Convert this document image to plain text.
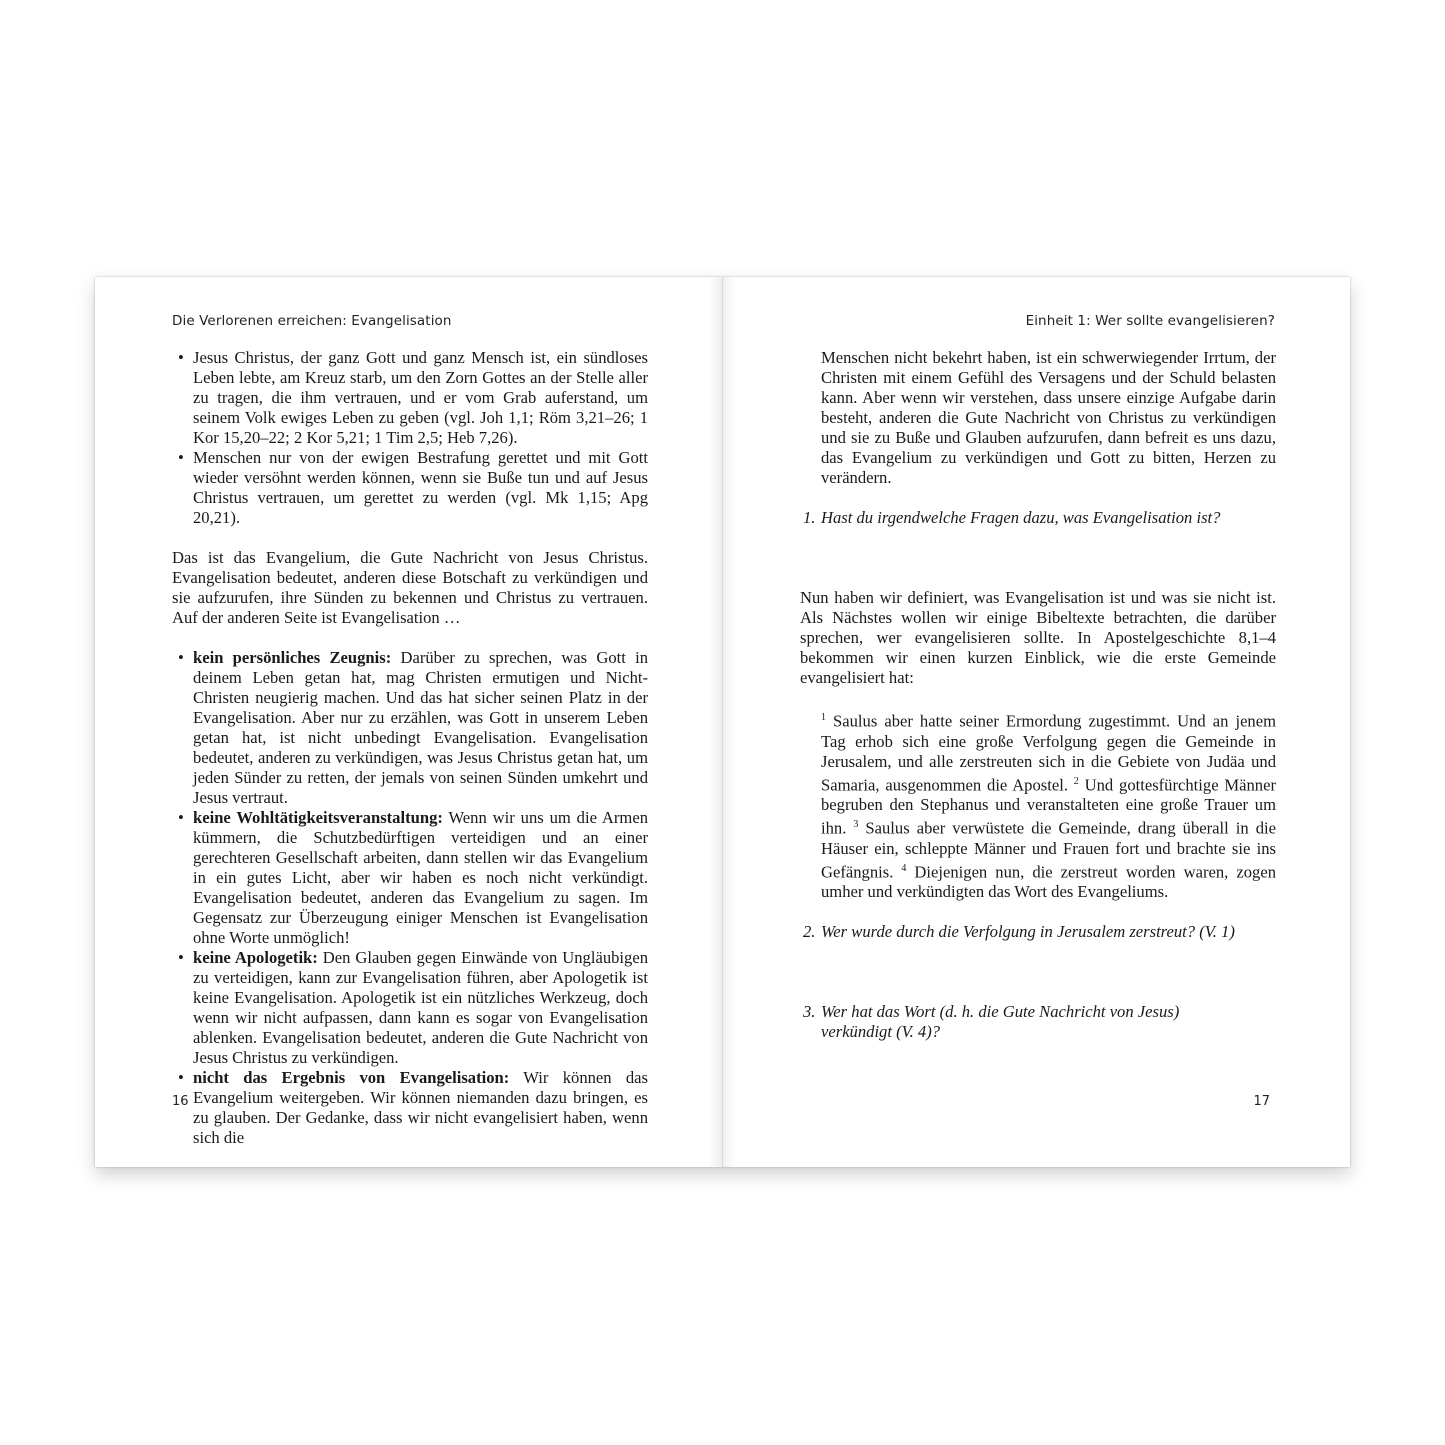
Die Verlorenen erreichen: Evangelisation
• Jesus Christus, der ganz Gott und ganz Mensch ist, ein sündloses Leben lebte, am Kreuz starb, um den Zorn Gottes an der Stelle aller zu tragen, die ihm vertrauen, und er vom Grab auferstand, um seinem Volk ewiges Leben zu geben (vgl. Joh 1,1; Röm 3,21–26; 1 Kor 15,20–22; 2 Kor 5,21; 1 Tim 2,5; Heb 7,26).
• Menschen nur von der ewigen Bestrafung gerettet und mit Gott wieder versöhnt werden können, wenn sie Buße tun und auf Jesus Christus vertrauen, um gerettet zu werden (vgl. Mk 1,15; Apg 20,21).

Das ist das Evangelium, die Gute Nachricht von Jesus Christus. Evangelisation bedeutet, anderen diese Botschaft zu verkündigen und sie aufzurufen, ihre Sünden zu bekennen und Christus zu vertrauen. Auf der anderen Seite ist Evangelisation …

• kein persönliches Zeugnis: Darüber zu sprechen, was Gott in deinem Leben getan hat, mag Christen ermutigen und Nicht-Christen neugierig machen. Und das hat sicher seinen Platz in der Evangelisation. Aber nur zu erzählen, was Gott in unserem Leben getan hat, ist nicht unbedingt Evangelisation. Evangelisation bedeutet, anderen zu verkündigen, was Jesus Christus getan hat, um jeden Sünder zu retten, der jemals von seinen Sünden umkehrt und Jesus vertraut.
• keine Wohltätigkeitsveranstaltung: Wenn wir uns um die Armen kümmern, die Schutzbedürftigen verteidigen und an einer gerechteren Gesellschaft arbeiten, dann stellen wir das Evangelium in ein gutes Licht, aber wir haben es noch nicht verkündigt. Evangelisation bedeutet, anderen das Evangelium zu sagen. Im Gegensatz zur Überzeugung einiger Menschen ist Evangelisation ohne Worte unmöglich!
• keine Apologetik: Den Glauben gegen Einwände von Ungläubigen zu verteidigen, kann zur Evangelisation führen, aber Apologetik ist keine Evangelisation. Apologetik ist ein nützliches Werkzeug, doch wenn wir nicht aufpassen, dann kann es sogar von Evangelisation ablenken. Evangelisation bedeutet, anderen die Gute Nachricht von Jesus Christus zu verkündigen.
• nicht das Ergebnis von Evangelisation: Wir können das Evangelium weitergeben. Wir können niemanden dazu bringen, es zu glauben. Der Gedanke, dass wir nicht evangelisiert haben, wenn sich die
16
Einheit 1: Wer sollte evangelisieren?

Menschen nicht bekehrt haben, ist ein schwerwiegender Irrtum, der Christen mit einem Gefühl des Versagens und der Schuld belasten kann. Aber wenn wir verstehen, dass unsere einzige Aufgabe darin besteht, anderen die Gute Nachricht von Christus zu verkündigen und sie zu Buße und Glauben aufzurufen, dann befreit es uns dazu, das Evangelium zu verkündigen und Gott zu bitten, Herzen zu verändern.

1. Hast du irgendwelche Fragen dazu, was Evangelisation ist?

Nun haben wir definiert, was Evangelisation ist und was sie nicht ist. Als Nächstes wollen wir einige Bibeltexte betrachten, die darüber sprechen, wer evangelisieren sollte. In Apostelgeschichte 8,1–4 bekommen wir einen kurzen Einblick, wie die erste Gemeinde evangelisiert hat:

$^1$ Saulus aber hatte seiner Ermordung zugestimmt. Und an jenem Tag erhob sich eine große Verfolgung gegen die Gemeinde in Jerusalem, und alle zerstreuten sich in die Gebiete von Judäa und Samaria, ausgenommen die Apostel. $^2$ Und gottesfürchtige Männer begruben den Stephanus und veranstalteten eine große Trauer um ihn. $^3$ Saulus aber verwüstete die Gemeinde, drang überall in die Häuser ein, schleppte Männer und Frauen fort und brachte sie ins Gefängnis. $^4$ Diejenigen nun, die zerstreut worden waren, zogen umher und verkündigten das Wort des Evangeliums.

2. Wer wurde durch die Verfolgung in Jerusalem zerstreut? (V. 1)
3. Wer hat das Wort (d. h. die Gute Nachricht von Jesus) verkündigt (V. 4)?
17
